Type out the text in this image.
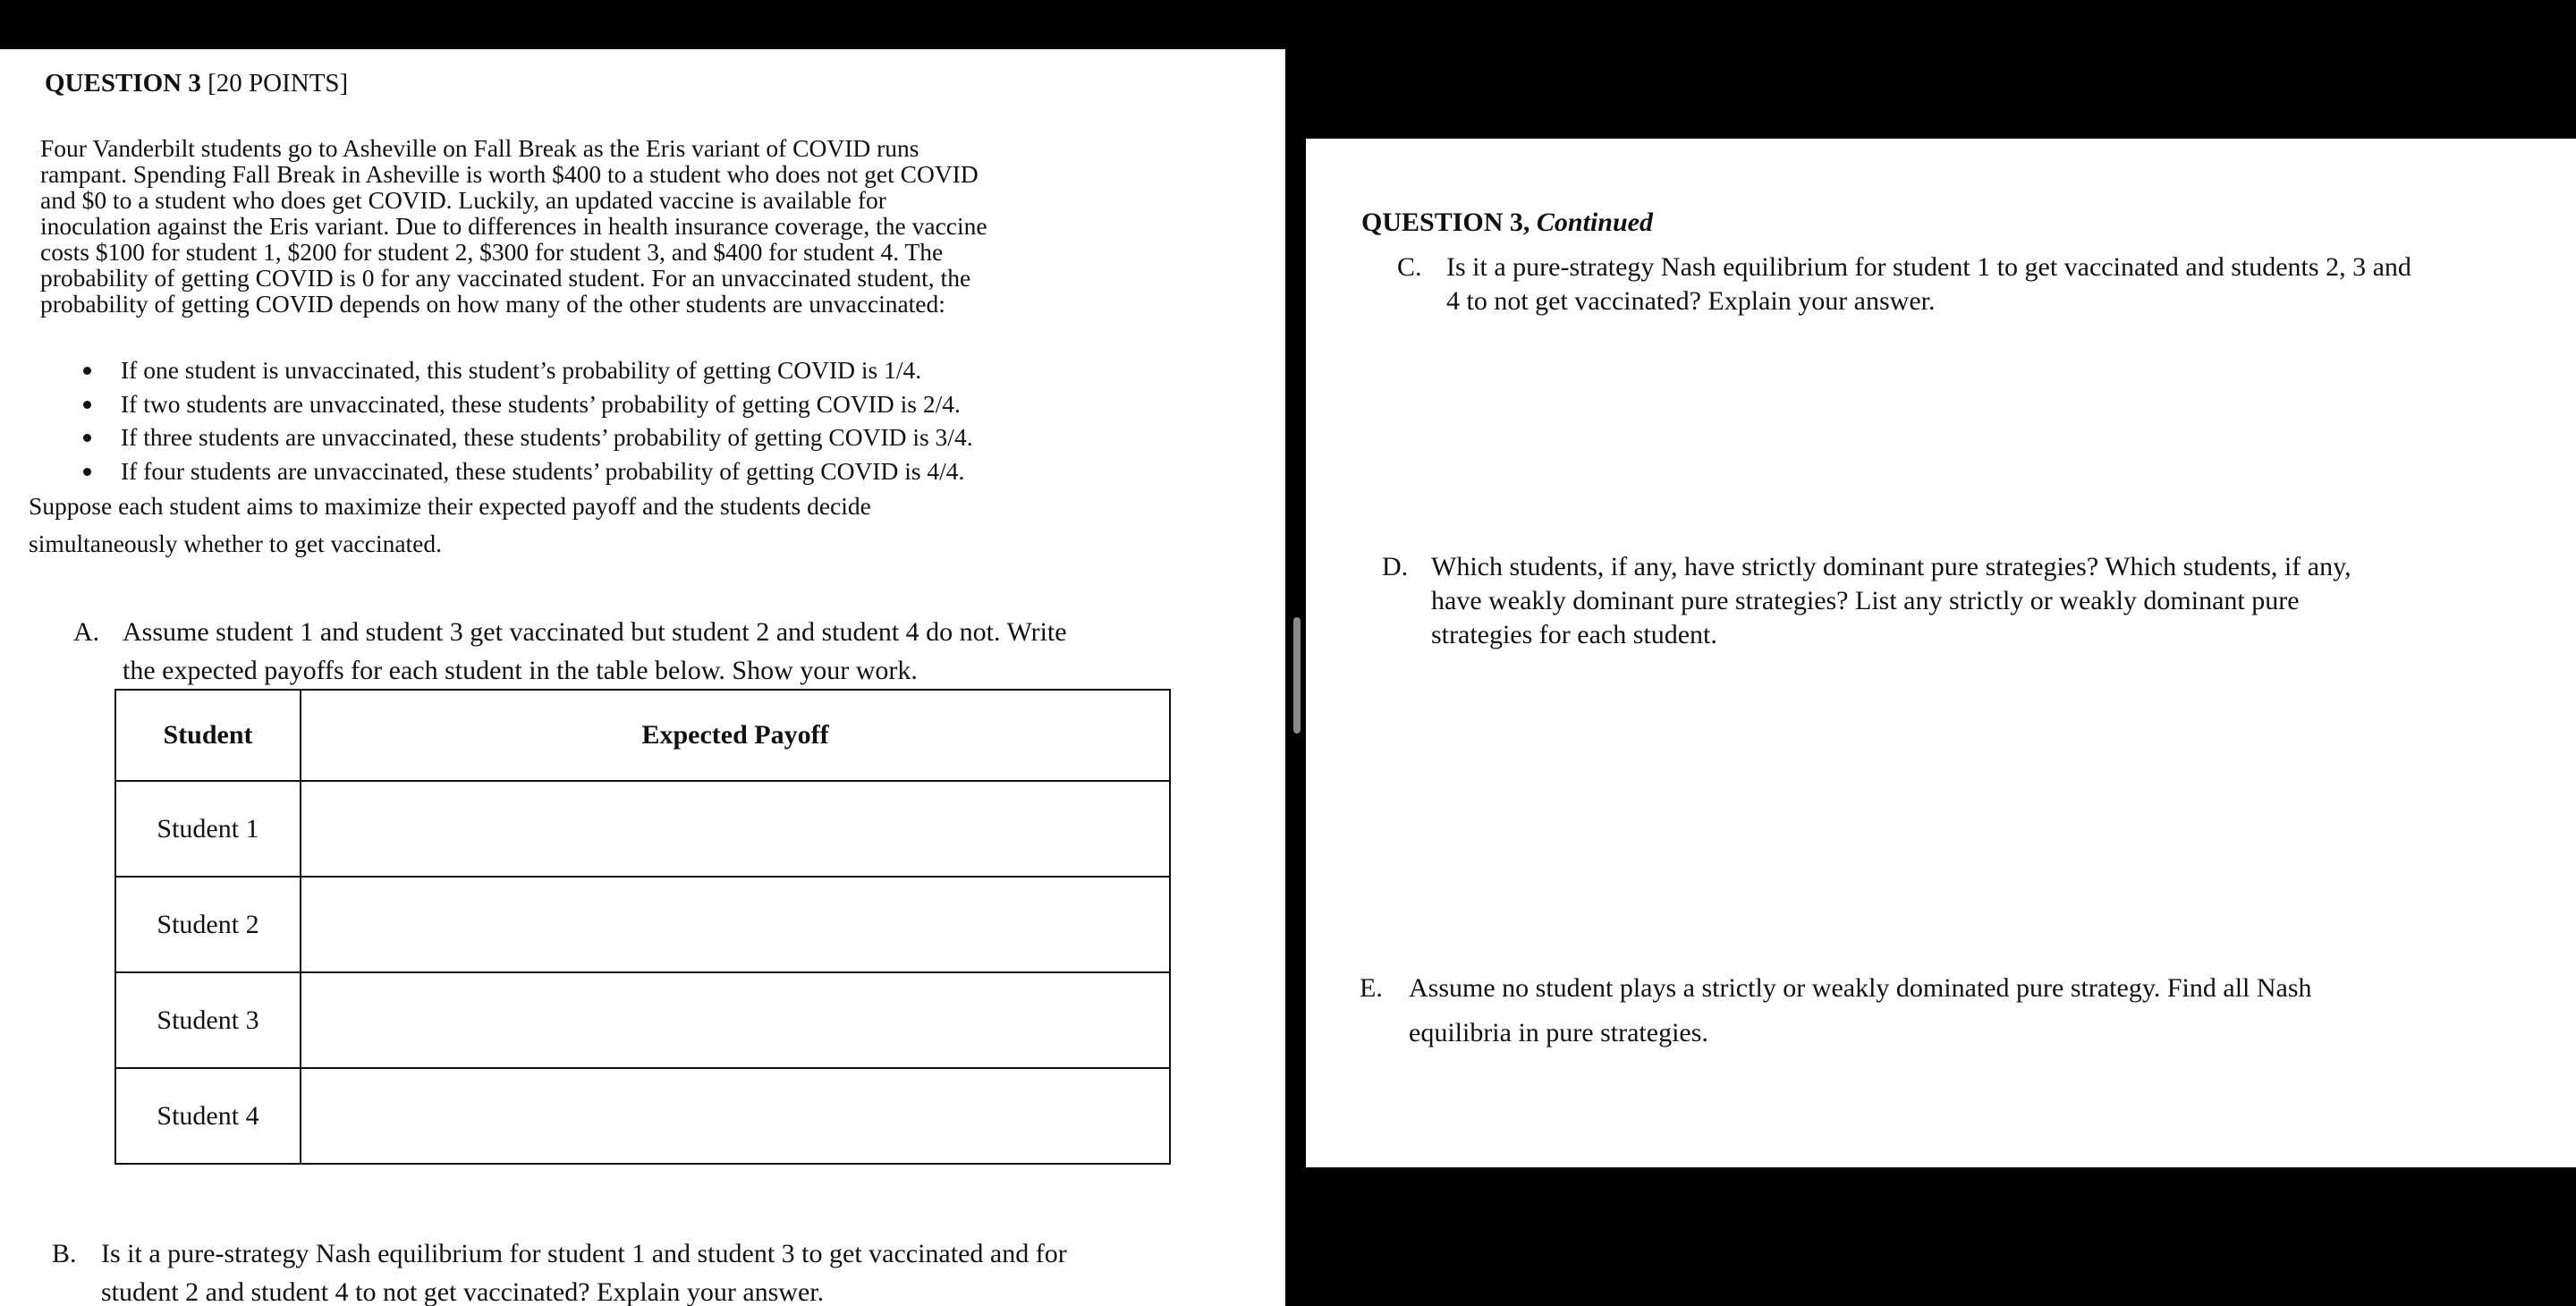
QUESTION 3 [20 POINTS]
Four Vanderbilt students go to Asheville on Fall Break as the Eris variant of COVID runs
rampant. Spending Fall Break in Asheville is worth $400 to a student who does not get COVID
and $0 to a student who does get COVID. Luckily, an updated vaccine is available for
inoculation against the Eris variant. Due to differences in health insurance coverage, the vaccine
costs $100 for student 1, $200 for student 2, $300 for student 3, and $400 for student 4. The
probability of getting COVID is 0 for any vaccinated student. For an unvaccinated student, the
probability of getting COVID depends on how many of the other students are unvaccinated:
If one student is unvaccinated, this student’s probability of getting COVID is 1/4.
If two students are unvaccinated, these students’ probability of getting COVID is 2/4.
If three students are unvaccinated, these students’ probability of getting COVID is 3/4.
If four students are unvaccinated, these students’ probability of getting COVID is 4/4.
Suppose each student aims to maximize their expected payoff and the students decide
simultaneously whether to get vaccinated.
A. Assume student 1 and student 3 get vaccinated but student 2 and student 4 do not. Write
the expected payoffs for each student in the table below. Show your work.
Student	Expected Payoff
Student 1	
Student 2	
Student 3	
Student 4	
B. Is it a pure-strategy Nash equilibrium for student 1 and student 3 to get vaccinated and for
student 2 and student 4 to not get vaccinated? Explain your answer.
QUESTION 3, Continued
C. Is it a pure-strategy Nash equilibrium for student 1 to get vaccinated and students 2, 3 and
4 to not get vaccinated? Explain your answer.
D. Which students, if any, have strictly dominant pure strategies? Which students, if any,
have weakly dominant pure strategies? List any strictly or weakly dominant pure
strategies for each student.
E. Assume no student plays a strictly or weakly dominated pure strategy. Find all Nash
equilibria in pure strategies.
